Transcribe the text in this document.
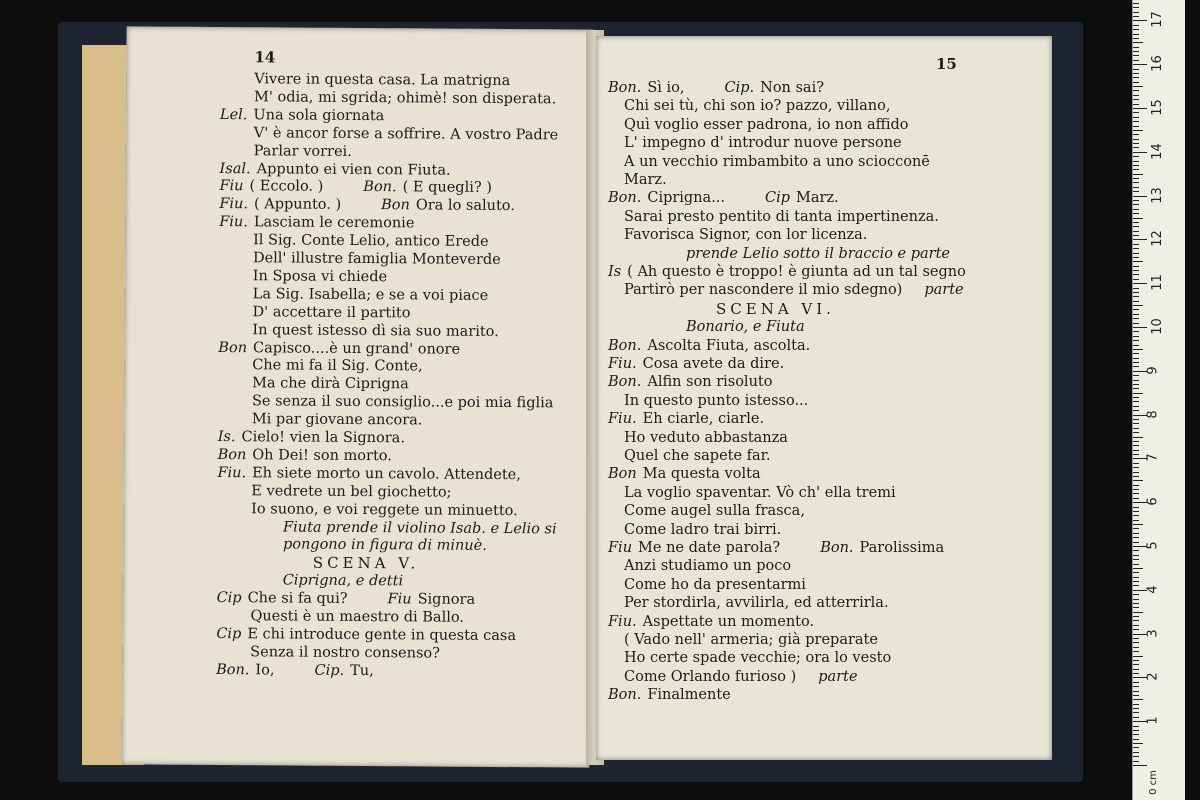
14
Vivere in questa casa. La matrigna
M' odia, mi sgrida; ohimè! son disperata.
Lel. Una sola giornata
V' è ancor forse a soffrire. A vostro Padre
Parlar vorrei.
Isal. Appunto ei vien con Fiuta.
Fiu ( Eccolo. )	Bon. ( E quegli? )
Fiu. ( Appunto. )	Bon Ora lo saluto.
Fiu. Lasciam le ceremonie
Il Sig. Conte Lelio, antico Erede
Dell' illustre famiglia Monteverde
In Sposa vi chiede
La Sig. Isabella; e se a voi piace
D' accettare il partito
In quest istesso dì sia suo marito.
Bon Capisco....è un grand' onore
Che mi fa il Sig. Conte,
Ma che dirà Ciprigna
Se senza il suo consiglio...e poi mia figlia
Mi par giovane ancora.
Is. Cielo! vien la Signora.
Bon Oh Dei! son morto.
Fiu. Eh siete morto un cavolo. Attendete,
E vedrete un bel giochetto;
Io suono, e voi reggete un minuetto.
Fiuta prende il violino Isab. e Lelio si
pongono in figura di minuè.
SCENA V.
Ciprigna, e detti
Cip Che si fa qui?	Fiu Signora
Questi è un maestro di Ballo.
Cip E chi introduce gente in questa casa
Senza il nostro consenso?
Bon. Io,	Cip. Tu,
15
Bon. Sì io,	Cip. Non sai?
Chi sei tù, chi son io? pazzo, villano,
Quì voglio esser padrona, io non affido
L' impegno d' introdur nuove persone
A un vecchio rimbambito a uno sciocconē
Marz.
Bon. Ciprigna...	Cip Marz.
Sarai presto pentito di tanta impertinenza.
Favorisca Signor, con lor licenza.
prende Lelio sotto il braccio e parte
Is ( Ah questo è troppo! è giunta ad un tal segno
Partirò per nascondere il mio sdegno) parte
SCENA VI.
Bonario, e Fiuta
Bon. Ascolta Fiuta, ascolta.
Fiu. Cosa avete da dire.
Bon. Alfin son risoluto
In questo punto istesso...
Fiu. Eh ciarle, ciarle.
Ho veduto abbastanza
Quel che sapete far.
Bon Ma questa volta
La voglio spaventar. Vò ch' ella tremi
Come augel sulla frasca,
Come ladro trai birri.
Fiu Me ne date parola?	Bon. Parolissima
Anzi studiamo un poco
Come ho da presentarmi
Per stordirla, avvilirla, ed atterrirla.
Fiu. Aspettate un momento.
( Vado nell' armeria; già preparate
Ho certe spade vecchie; ora lo vesto
Come Orlando furioso ) parte
Bon. Finalmente
1
2
3
4
5
6
7
8
9
10
11
12
13
14
15
16
17
0 cm
